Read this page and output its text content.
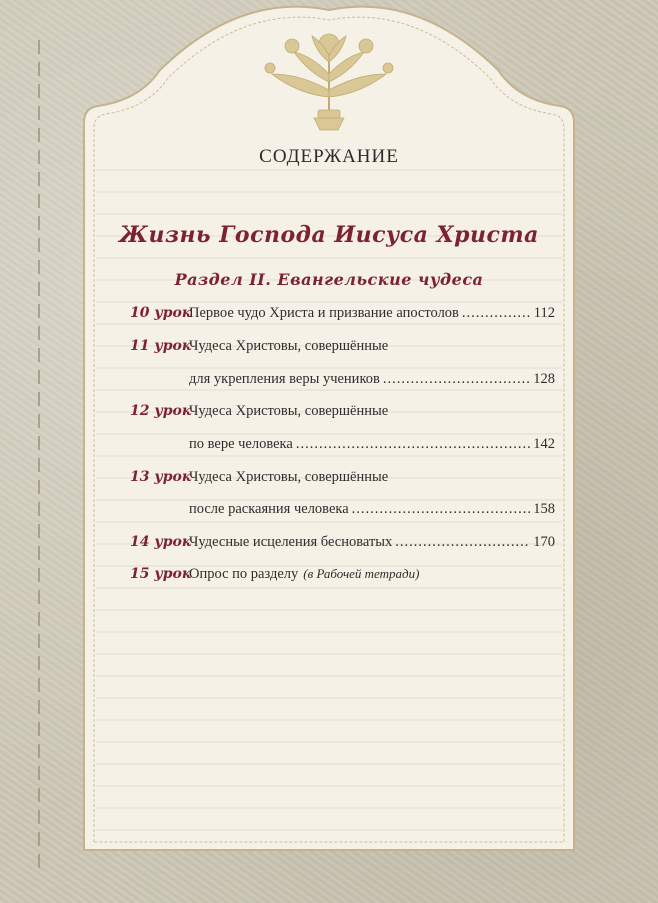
СОДЕРЖАНИЕ
Жизнь Господа Иисуса Христа
Раздел II. Евангельские чудеса
10 урок
Первое чудо Христа и призвание апостолов .....	112
11 урок
Чудеса Христовы, совершённые
для укрепления веры учеников .....	128
12 урок
Чудеса Христовы, совершённые
по вере человека .....	142
13 урок
Чудеса Христовы, совершённые
после раскаяния человека .....	158
14 урок
Чудесные исцеления бесноватых .....	170
15 урок
Опрос по разделу (в Рабочей тетради)
